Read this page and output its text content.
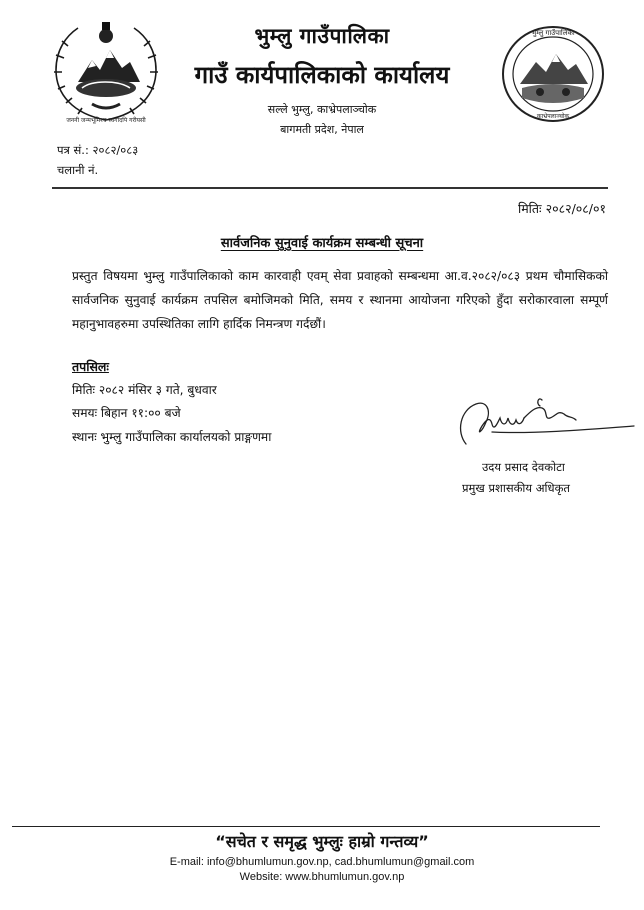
जननी जन्मभूमिश्च स्वर्गादपि गरीयसी
भुम्लु गाउँपालिका
काभ्रेपलाञ्चोक
भुम्लु गाउँपालिका
गाउँ कार्यपालिकाको कार्यालय
सल्ले भुम्लु, काभ्रेपलाञ्चोक
बागमती प्रदेश, नेपाल
पत्र सं.: २०८२/०८३
चलानी नं.
मितिः २०८२/०८/०१
सार्वजनिक सुनुवाई कार्यक्रम सम्बन्धी सूचना
प्रस्तुत विषयमा भुम्लु गाउँपालिकाको काम कारवाही एवम् सेवा प्रवाहको सम्बन्धमा आ.व.२०८२/०८३ प्रथम चौमासिकको सार्वजनिक सुनुवाई कार्यक्रम तपसिल बमोजिमको मिति, समय र स्थानमा आयोजना गरिएको हुँदा सरोकारवाला सम्पूर्ण महानुभावहरुमा उपस्थितिका लागि हार्दिक निमन्त्रण गर्दछौं।
तपसिलः
मितिः २०८२ मंसिर ३ गते, बुधवार
समयः बिहान ११:०० बजे
स्थानः भुम्लु गाउँपालिका कार्यालयको प्राङ्गणमा
उदय प्रसाद देवकोटा
प्रमुख प्रशासकीय अधिकृत
“सचेत र समृद्ध भुम्लुः हाम्रो गन्तव्य”
E-mail: info@bhumlumun.gov.np, cad.bhumlumun@gmail.com
Website: www.bhumlumun.gov.np
